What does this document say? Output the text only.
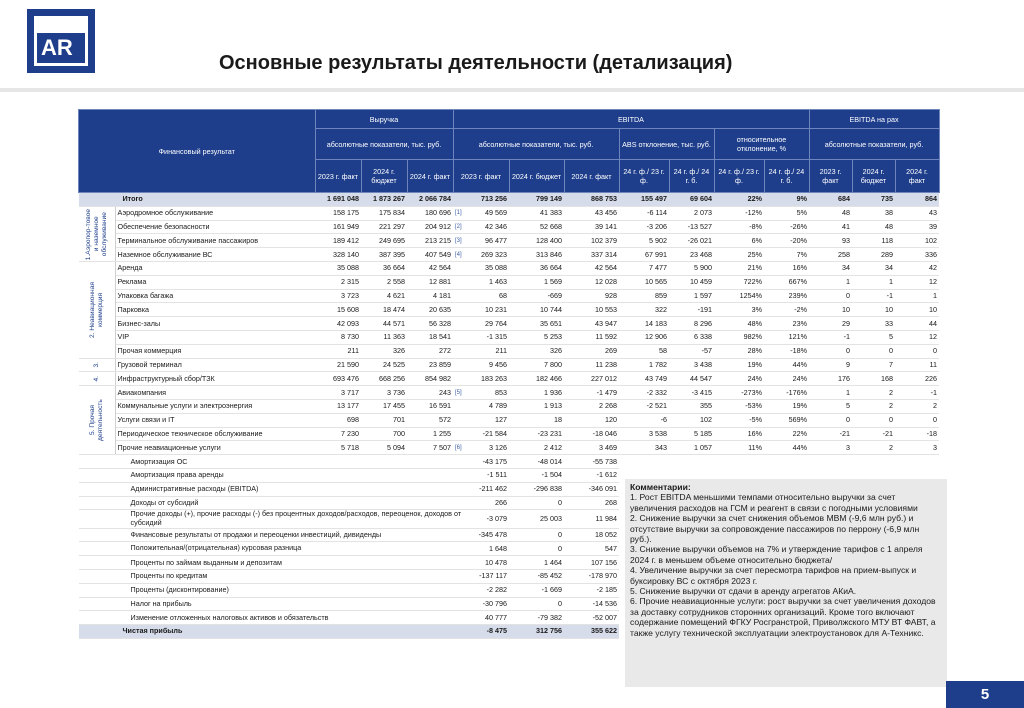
AR
Основные результаты деятельности (детализация)
Финансовый результат		Выручка			EBITDA								EBITDA на pax		
		абсолютные показатели, тыс. руб.			абсолютные показатели, тыс. руб.				ABS отклонение, тыс. руб.		относительное отклонение, %		абсолютные показатели, руб.		
		2023 г. факт	2024 г. бюджет	2024 г. факт	2023 г. факт		2024 г. бюджет	2024 г. факт	24 г. ф./ 23 г. ф.	24 г. ф./ 24 г. б.	24 г. ф./ 23 г. ф.	24 г. ф./ 24 г. б.	2023 г. факт	2024 г. бюджет	2024 г. факт
Итого		1 691 048	1 873 267	2 066 784		713 256	799 149	868 753	155 497	69 604	22%	9%	684	735	864

1.Аэропор-товое и наземное обслуживание	Аэродромное обслуживание	158 175	175 834	180 696	[1]	49 569	41 383	43 456	-6 114	2 073	-12%	5%	48	38	43
	Обеспечение безопасности	161 949	221 297	204 912	[2]	42 346	52 668	39 141	-3 206	-13 527	-8%	-26%	41	48	39
	Терминальное обслуживание пассажиров	189 412	249 695	213 215	[3]	96 477	128 400	102 379	5 902	-26 021	6%	-20%	93	118	102
	Наземное обслуживание ВС	328 140	387 395	407 549	[4]	269 323	313 846	337 314	67 991	23 468	25%	7%	258	289	336

2. Неавиационная коммерция	Аренда	35 088	36 664	42 564		35 088	36 664	42 564	7 477	5 900	21%	16%	34	34	42
	Реклама	2 315	2 558	12 881		1 463	1 569	12 028	10 565	10 459	722%	667%	1	1	12
	Упаковка багажа	3 723	4 621	4 181		68	-669	928	859	1 597	1254%	239%	0	-1	1
	Парковка	15 608	18 474	20 635		10 231	10 744	10 553	322	-191	3%	-2%	10	10	10
	Бизнес-залы	42 093	44 571	56 328		29 764	35 651	43 947	14 183	8 296	48%	23%	29	33	44
	VIP	8 730	11 363	18 541		-1 315	5 253	11 592	12 906	6 338	982%	121%	-1	5	12
	Прочая коммерция	211	326	272		211	326	269	58	-57	28%	-18%	0	0	0

3.	Грузовой терминал	21 590	24 525	23 859		9 456	7 800	11 238	1 782	3 438	19%	44%	9	7	11

4.	Инфраструктурный сбор/ТЗК	693 476	668 256	854 982		183 263	182 466	227 012	43 749	44 547	24%	24%	176	168	226

5. Прочая деятельность	Авиакомпания	3 717	3 736	243	[5]	853	1 936	-1 479	-2 332	-3 415	-273%	-176%	1	2	-1
	Коммунальные услуги и электроэнергия	13 177	17 455	16 591		4 789	1 913	2 268	-2 521	355	-53%	19%	5	2	2
	Услуги связи и IT	698	701	572		127	18	120	-6	102	-5%	569%	0	0	0
	Периодическое техническое обслуживание	7 230	700	1 255		-21 584	-23 231	-18 046	3 538	5 185	16%	22%	-21	-21	-18
	Прочие неавиационные услуги	5 718	5 094	7 507	[6]	3 126	2 412	3 469	343	1 057	11%	44%	3	2	3
Амортизация ОС						-43 175	-48 014	-55 738							
Амортизация права аренды						-1 511	-1 504	-1 612							
Административные расходы (EBITDA)						-211 462	-296 838	-346 091							
Доходы от субсидий						266	0	268							
Прочие доходы (+), прочие расходы (-) без процентных доходов/расходов, переоценок, доходов от субсидий						-3 079	25 003	11 984							
Финансовые результаты от продажи и переоценки инвестиций, дивиденды						-345 478	0	18 052							
Положительная/(отрицательная) курсовая разница						1 648	0	547							
Проценты по займам выданным и депозитам						10 478	1 464	107 156							
Проценты по кредитам						-137 117	-85 452	-178 970							
Проценты (дисконтирование)						-2 282	-1 669	-2 185							
Налог на прибыль						-30 796	0	-14 536							
Изменение отложенных налоговых активов и обязательств						40 777	-79 382	-52 007							
Чистая прибыль						-8 475	312 756	355 622							

Комментарии:

1. Рост EBITDA меньшими темпами относительно выручки за счет увеличения расходов на ГСМ и реагент в связи с погодными условиями

2. Снижение выручки за счет снижения объемов МВМ (-9,6 млн руб.) и отсутствие выручки за сопровождение пассажиров по перрону (-6,9 млн руб.).

3. Снижение выручки объемов на 7% и утверждение тарифов с 1 апреля 2024 г. в меньшем объеме относительно бюджета/

4. Увеличение выручки за счет пересмотра тарифов на прием-выпуск и буксировку ВС с октября 2023 г.

5. Снижение выручки от сдачи в аренду агрегатов АКиА.

6. Прочие неавиационные услуги: рост выручки за счет увеличения доходов за доставку сотрудников сторонних организаций. Кроме того включают содержание помещений ФГКУ Росгранстрой, Приволжского МТУ ВТ ФАВТ, а также услугу технической эксплуатации электроустановок для А-Техникс.

5
